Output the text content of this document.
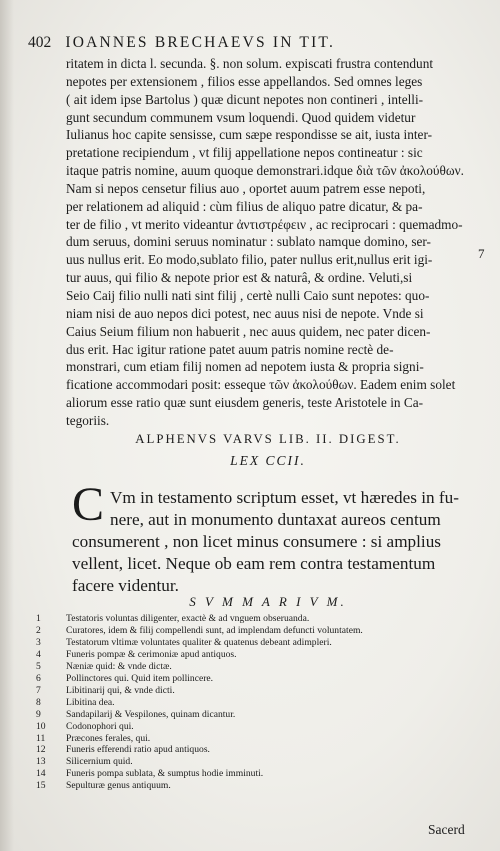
402 IOANNES BRECHAEVS IN TIT.
ritatem in dicta l. secunda. §. non solum. expiscati frustra contendunt
nepotes per extensionem , filios esse appellandos. Sed omnes leges
( ait idem ipse Bartolus ) quæ dicunt nepotes non contineri , intelli-
gunt secundum communem vsum loquendi. Quod quidem videtur
Iulianus hoc capite sensisse, cum sæpe respondisse se ait, iusta inter-
pretatione recipiendum , vt filij appellatione nepos contineatur : sic
itaque patris nomine, auum quoque demonstrari.idque διὰ τῶν ἀκολούθων.
Nam si nepos censetur filius auo , oportet auum patrem esse nepoti,
per relationem ad aliquid : cùm filius de aliquo patre dicatur, & pa-
ter de filio , vt merito videantur ἀντιστρέφειν , ac reciprocari : quemadmo-
dum seruus, domini seruus nominatur : sublato namque domino, ser-
uus nullus erit. Eo modo,sublato filio, pater nullus erit,nullus erit igi-
tur auus, qui filio & nepote prior est & naturâ, & ordine. Veluti,si
Seio Caij filio nulli nati sint filij , certè nulli Caio sunt nepotes: quo-
niam nisi de auo nepos dici potest, nec auus nisi de nepote. Vnde si
Caius Seium filium non habuerit , nec auus quidem, nec pater dicen-
dus erit. Hac igitur ratione patet auum patris nomine rectè de-
monstrari, cum etiam filij nomen ad nepotem iusta & propria signi-
ficatione accommodari posit: esseque τῶν ἀκολούθων. Eadem enim solet
aliorum esse ratio quæ sunt eiusdem generis, teste Aristotele in Ca-
tegoriis.
7
ALPHENVS VARVS LIB. II. DIGEST.
LEX CCII.
C Vm in testamento scriptum esset, vt hæredes in fu-
nere, aut in monumento duntaxat aureos centum
consumerent , non licet minus consumere : si amplius
vellent, licet. Neque ob eam rem contra testamentum
facere videntur.
S V M M A R I V M.
1	Testatoris voluntas diligenter, exactè & ad vnguem obseruanda.
2	Curatores, idem & filij compellendi sunt, ad implendam defuncti voluntatem.
3	Testatorum vltimæ voluntates qualiter & quatenus debeant adimpleri.
4	Funeris pompæ & cerimoniæ apud antiquos.
5	Næniæ quid: & vnde dictæ.
6	Pollinctores qui. Quid item pollincere.
7	Libitinarij qui, & vnde dicti.
8	Libitina dea.
9	Sandapilarij & Vespilones, quinam dicantur.
10	Codonophori qui.
11	Præcones ferales, qui.
12	Funeris efferendi ratio apud antiquos.
13	Silicernium quid.
14	Funeris pompa sublata, & sumptus hodie imminuti.
15	Sepulturæ genus antiquum.
Sacerd
